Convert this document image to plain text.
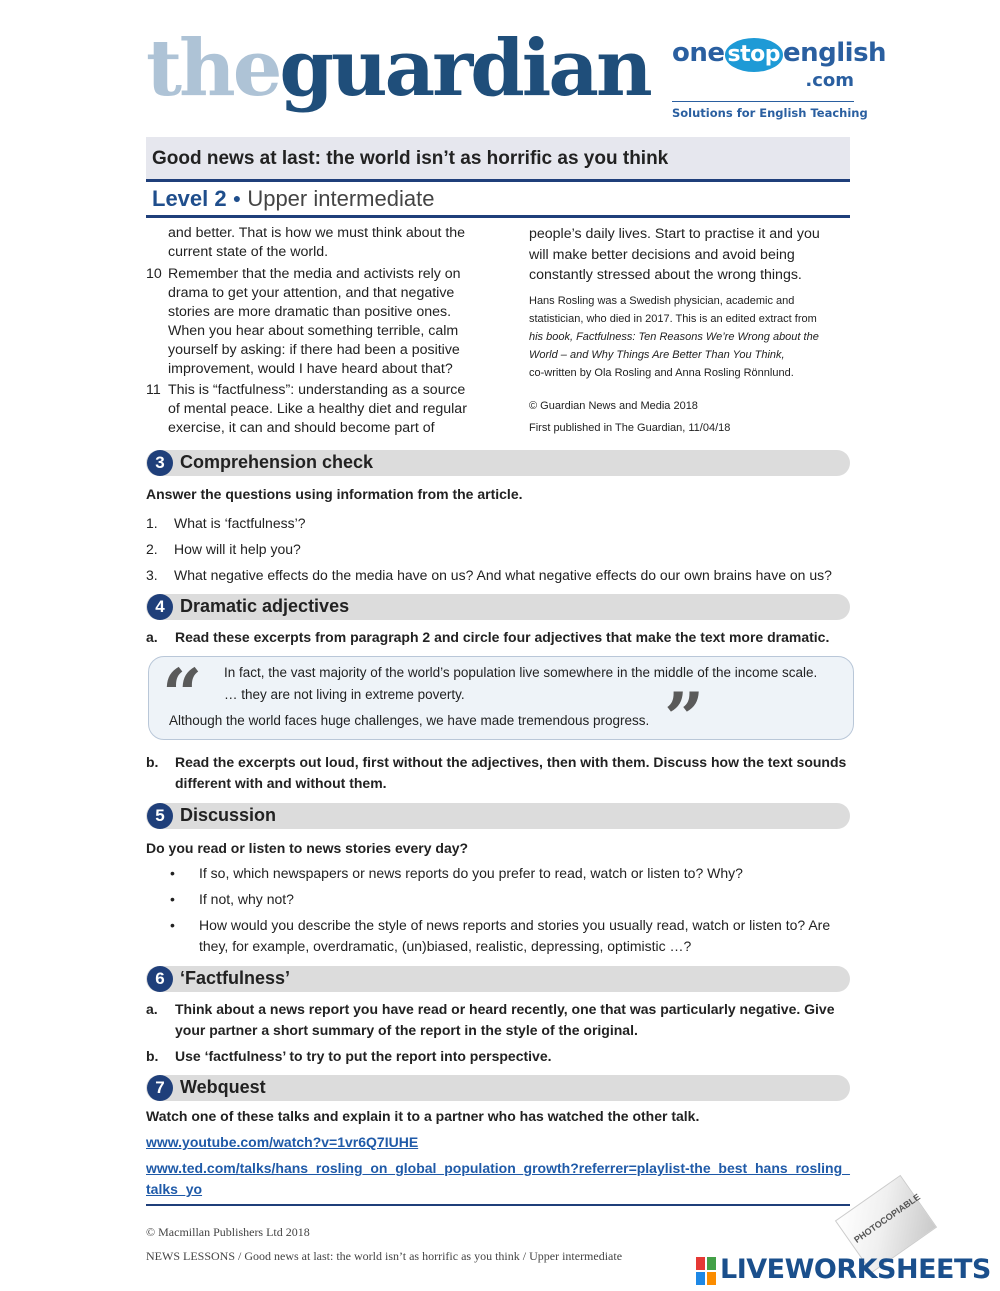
theguardian one stop english
.com
Solutions for English Teaching
Good news at last: the world isn’t as horrific as you think
Level 2 ● Upper intermediate

and better. That is how we must think about the

current state of the world.

10 Remember that the media and activists rely on

drama to get your attention, and that negative

stories are more dramatic than positive ones.

When you hear about something terrible, calm

yourself by asking: if there had been a positive

improvement, would I have heard about that?

11 This is “factfulness”: understanding as a source

of mental peace. Like a healthy diet and regular

exercise, it can and should become part of

people’s daily lives. Start to practise it and you

will make better decisions and avoid being

constantly stressed about the wrong things.

Hans Rosling was a Swedish physician, academic and
statistician, who died in 2017. This is an edited extract from
his book, Factfulness: Ten Reasons We’re Wrong about the
World – and Why Things Are Better Than You Think,
co-written by Ola Rosling and Anna Rosling Rönnlund.
© Guardian News and Media 2018
First published in The Guardian, 11/04/18
3 Comprehension check
Answer the questions using information from the article.
1. What is ‘factfulness’?
2. How will it help you?
3. What negative effects do the media have on us? And what negative effects do our own brains have on us?
4 Dramatic adjectives
a. Read these excerpts from paragraph 2 and circle four adjectives that make the text more dramatic.
“	”
In fact, the vast majority of the world’s population live somewhere in the middle of the income scale.
… they are not living in extreme poverty.
Although the world faces huge challenges, we have made tremendous progress.
b. Read the excerpts out loud, first without the adjectives, then with them. Discuss how the text sounds
different with and without them.
5 Discussion
Do you read or listen to news stories every day?
• If so, which newspapers or news reports do you prefer to read, watch or listen to? Why?
• If not, why not?
• How would you describe the style of news reports and stories you usually read, watch or listen to? Are
they, for example, overdramatic, (un)biased, realistic, depressing, optimistic …?
6 ‘Factfulness’
a. Think about a news report you have read or heard recently, one that was particularly negative. Give
your partner a short summary of the report in the style of the original.
b. Use ‘factfulness’ to try to put the report into perspective.
7 Webquest
Watch one of these talks and explain it to a partner who has watched the other talk.
www.youtube.com/watch?v=1vr6Q7IUHE
www.ted.com/talks/hans_rosling_on_global_population_growth?referrer=playlist-the_best_hans_rosling_
talks_yo
© Macmillan Publishers Ltd 2018
NEWS LESSONS / Good news at last: the world isn’t as horrific as you think / Upper intermediate
PHOTOCOPIABLE
LIVEWORKSHEETS
